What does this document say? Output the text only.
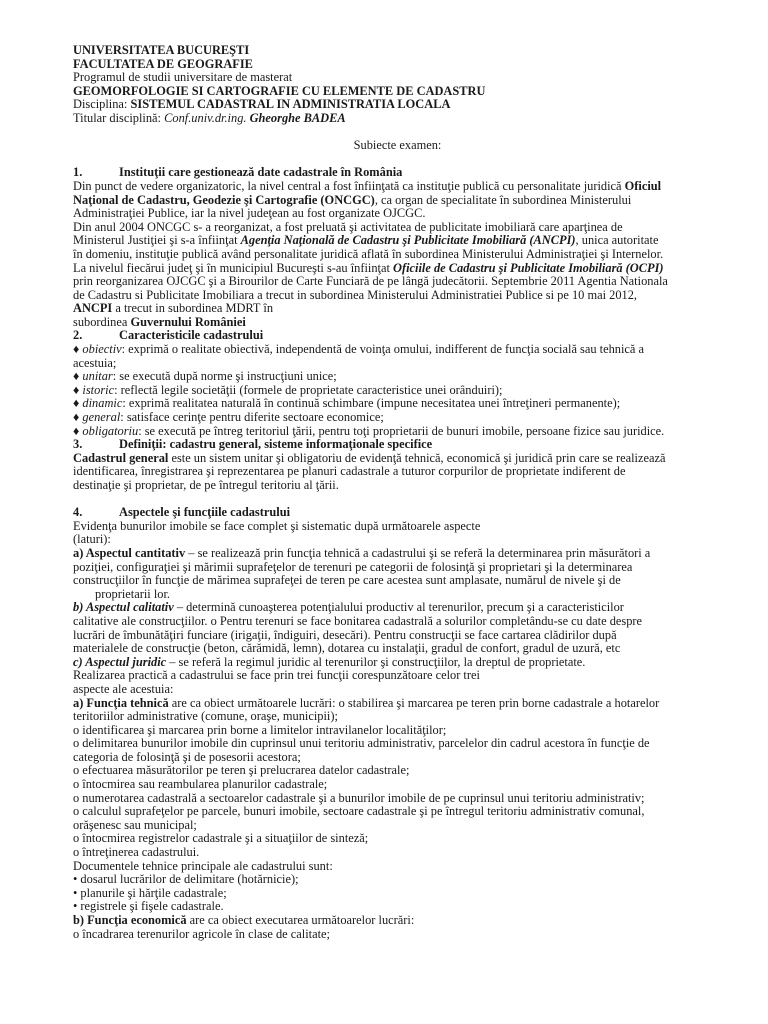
UNIVERSITATEA BUCUREŞTI
FACULTATEA DE GEOGRAFIE
Programul de studii universitare de masterat
GEOMORFOLOGIE SI CARTOGRAFIE CU ELEMENTE DE CADASTRU
Disciplina: SISTEMUL CADASTRAL IN ADMINISTRATIA LOCALA
Titular disciplină: Conf.univ.dr.ing. Gheorghe BADEA
Subiecte examen:
1.	Instituţii care gestionează date cadastrale în România
Din punct de vedere organizatoric, la nivel central a fost înfiinţată ca instituţie publică cu personalitate juridică Oficiul
Naţional de Cadastru, Geodezie şi Cartografie (ONCGC), ca organ de specialitate în subordinea Ministerului
Administraţiei Publice, iar la nivel judeţean au fost organizate OJCGC.
Din anul 2004 ONCGC s- a reorganizat, a fost preluată şi activitatea de publicitate imobiliară care aparţinea de
Ministerul Justiţiei şi s-a înfiinţat Agenţia Naţională de Cadastru şi Publicitate Imobiliară (ANCPI), unica autoritate
în domeniu, instituţie publică având personalitate juridică aflată în subordinea Ministerului Administraţiei şi Internelor.
La nivelul fiecărui judeţ şi în municipiul Bucureşti s-au înfiinţat Oficiile de Cadastru şi Publicitate Imobiliară (OCPI)
prin reorganizarea OJCGC şi a Birourilor de Carte Funciară de pe lângă judecătorii. Septembrie 2011 Agentia Nationala
de Cadastru si Publicitate Imobiliara a trecut in subordinea Ministerului Administratiei Publice si pe 10 mai 2012,
ANCPI a trecut in subordinea MDRT în
subordinea Guvernului României
2.	Caracteristicile cadastrului
♦ obiectiv: exprimă o realitate obiectivă, independentă de voinţa omului, indifferent de funcţia socială sau tehnică a
acestuia;
♦ unitar: se execută după norme şi instrucţiuni unice;
♦ istoric: reflectă legile societăţii (formele de proprietate caracteristice unei orânduiri);
♦ dinamic: exprimă realitatea naturală în continuă schimbare (impune necesitatea unei întreţineri permanente);
♦ general: satisface cerinţe pentru diferite sectoare economice;
♦ obligatoriu: se execută pe întreg teritoriul ţării, pentru toţi proprietarii de bunuri imobile, persoane fizice sau juridice.
3.	Definiţii: cadastru general, sisteme informaţionale specifice
Cadastrul general este un sistem unitar şi obligatoriu de evidenţă tehnică, economică şi juridică prin care se realizează
identificarea, înregistrarea şi reprezentarea pe planuri cadastrale a tuturor corpurilor de proprietate indiferent de
destinaţie şi proprietar, de pe întregul teritoriu al ţării.
4.	Aspectele şi funcţiile cadastrului
Evidenţa bunurilor imobile se face complet şi sistematic după următoarele aspecte
(laturi):
a) Aspectul cantitativ – se realizează prin funcţia tehnică a cadastrului şi se referă la determinarea prin măsurători a
poziţiei, configuraţiei şi mărimii suprafeţelor de terenuri pe categorii de folosinţă şi proprietari şi la determinarea
construcţiilor în funcţie de mărimea suprafeţei de teren pe care acestea sunt amplasate, numărul de nivele şi de
proprietarii lor.
b) Aspectul calitativ – determină cunoaşterea potenţialului productiv al terenurilor, precum şi a caracteristicilor
calitative ale construcţiilor. o Pentru terenuri se face bonitarea cadastrală a solurilor completându-se cu date despre
lucrări de îmbunătăţiri funciare (irigaţii, îndiguiri, desecări). Pentru construcţii se face cartarea clădirilor după
materialele de construcţie (beton, cărămidă, lemn), dotarea cu instalaţii, gradul de confort, gradul de uzură, etc
c) Aspectul juridic – se referă la regimul juridic al terenurilor şi construcţiilor, la dreptul de proprietate.
Realizarea practică a cadastrului se face prin trei funcţii corespunzătoare celor trei
aspecte ale acestuia:
a) Funcţia tehnică are ca obiect următoarele lucrări: o stabilirea şi marcarea pe teren prin borne cadastrale a hotarelor
teritoriilor administrative (comune, oraşe, municipii);
o identificarea şi marcarea prin borne a limitelor intravilanelor localităţilor;
o delimitarea bunurilor imobile din cuprinsul unui teritoriu administrativ, parcelelor din cadrul acestora în funcţie de
categoria de folosinţă şi de posesorii acestora;
o efectuarea măsurătorilor pe teren şi prelucrarea datelor cadastrale;
o întocmirea sau reambularea planurilor cadastrale;
o numerotarea cadastrală a sectoarelor cadastrale şi a bunurilor imobile de pe cuprinsul unui teritoriu administrativ;
o calculul suprafeţelor pe parcele, bunuri imobile, sectoare cadastrale şi pe întregul teritoriu administrativ comunal,
orăşenesc sau municipal;
o întocmirea registrelor cadastrale şi a situaţiilor de sinteză;
o întreţinerea cadastrului.
Documentele tehnice principale ale cadastrului sunt:
• dosarul lucrărilor de delimitare (hotărnicie);
• planurile şi hărţile cadastrale;
• registrele şi fişele cadastrale.
b) Funcţia economică are ca obiect executarea următoarelor lucrări:
o încadrarea terenurilor agricole în clase de calitate;
